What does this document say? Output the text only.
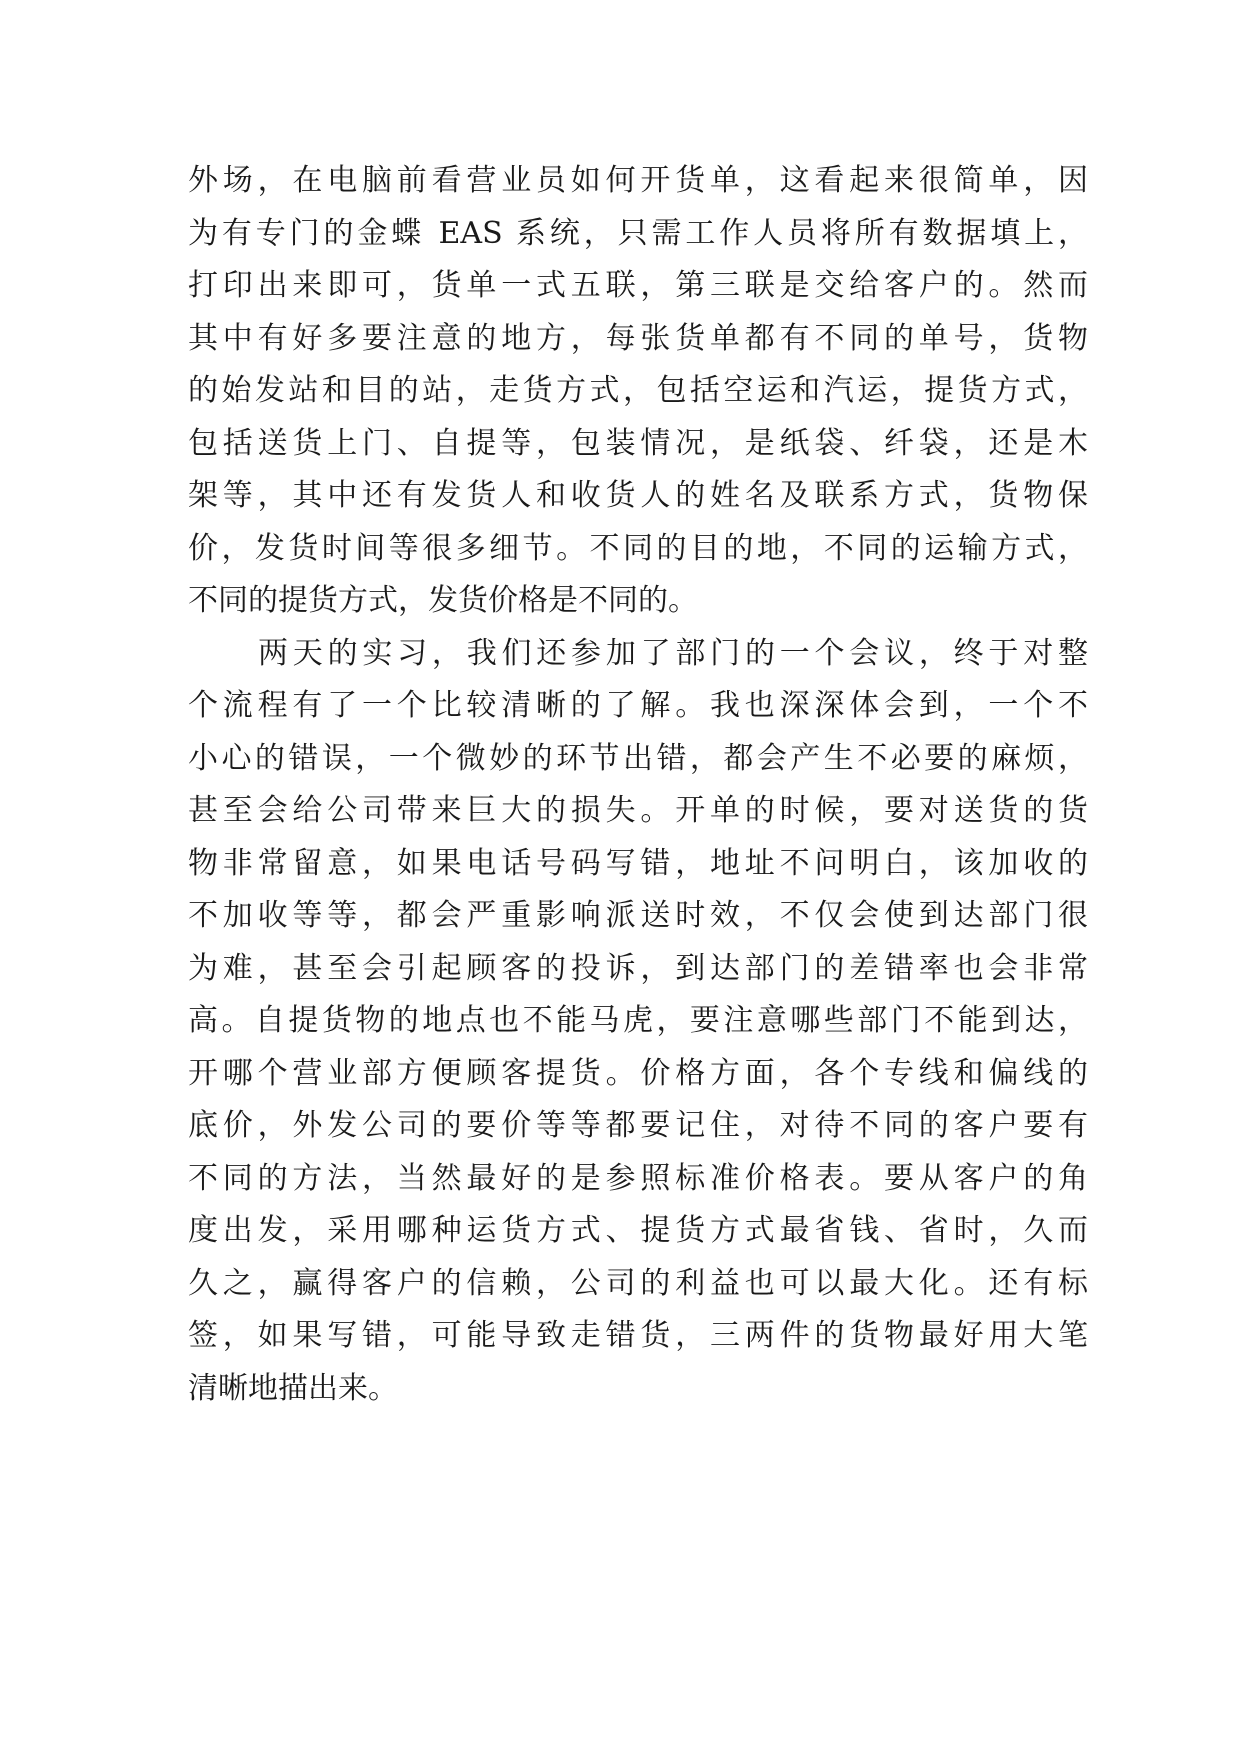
外场，在电脑前看营业员如何开货单，这看起来很简单，因
为有专门的金蝶 EAS 系统，只需工作人员将所有数据填上，
打印出来即可，货单一式五联，第三联是交给客户的。然而
其中有好多要注意的地方，每张货单都有不同的单号，货物
的始发站和目的站，走货方式，包括空运和汽运，提货方式，
包括送货上门、自提等，包装情况，是纸袋、纤袋，还是木
架等，其中还有发货人和收货人的姓名及联系方式，货物保
价，发货时间等很多细节。不同的目的地，不同的运输方式，
不同的提货方式，发货价格是不同的。
两天的实习，我们还参加了部门的一个会议，终于对整
个流程有了一个比较清晰的了解。我也深深体会到，一个不
小心的错误，一个微妙的环节出错，都会产生不必要的麻烦，
甚至会给公司带来巨大的损失。开单的时候，要对送货的货
物非常留意，如果电话号码写错，地址不问明白，该加收的
不加收等等，都会严重影响派送时效，不仅会使到达部门很
为难，甚至会引起顾客的投诉，到达部门的差错率也会非常
高。自提货物的地点也不能马虎，要注意哪些部门不能到达，
开哪个营业部方便顾客提货。价格方面，各个专线和偏线的
底价，外发公司的要价等等都要记住，对待不同的客户要有
不同的方法，当然最好的是参照标准价格表。要从客户的角
度出发，采用哪种运货方式、提货方式最省钱、省时，久而
久之，赢得客户的信赖，公司的利益也可以最大化。还有标
签，如果写错，可能导致走错货，三两件的货物最好用大笔
清晰地描出来。
